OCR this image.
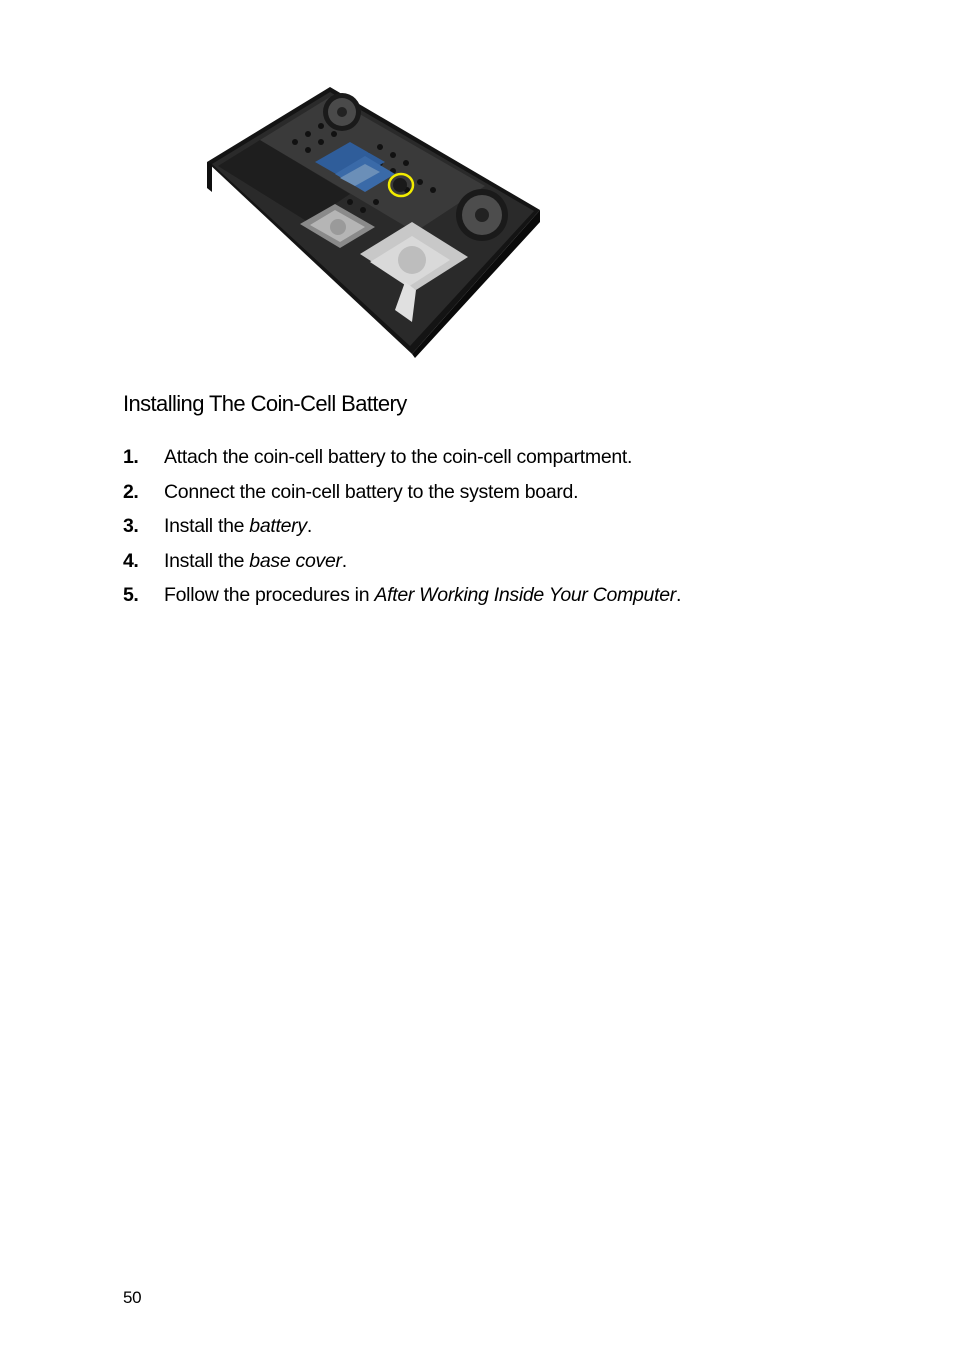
Installing The Coin-Cell Battery
1. Attach the coin-cell battery to the coin-cell compartment.
2. Connect the coin-cell battery to the system board.
3. Install the battery.
4. Install the base cover.
5. Follow the procedures in After Working Inside Your Computer.
50
